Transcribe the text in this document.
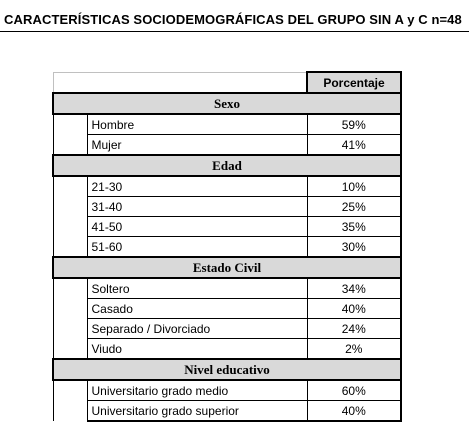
CARACTERÍSTICAS SOCIODEMOGRÁFICAS DEL GRUPO SIN A y C n=48
		Porcentaje
Sexo		
	Hombre	59%
	Mujer	41%
Edad		
	21-30	10%
	31-40	25%
	41-50	35%
	51-60	30%
Estado Civil		
	Soltero	34%
	Casado	40%
	Separado / Divorciado	24%
	Viudo	2%
Nivel educativo		
	Universitario grado medio	60%
	Universitario grado superior	40%
